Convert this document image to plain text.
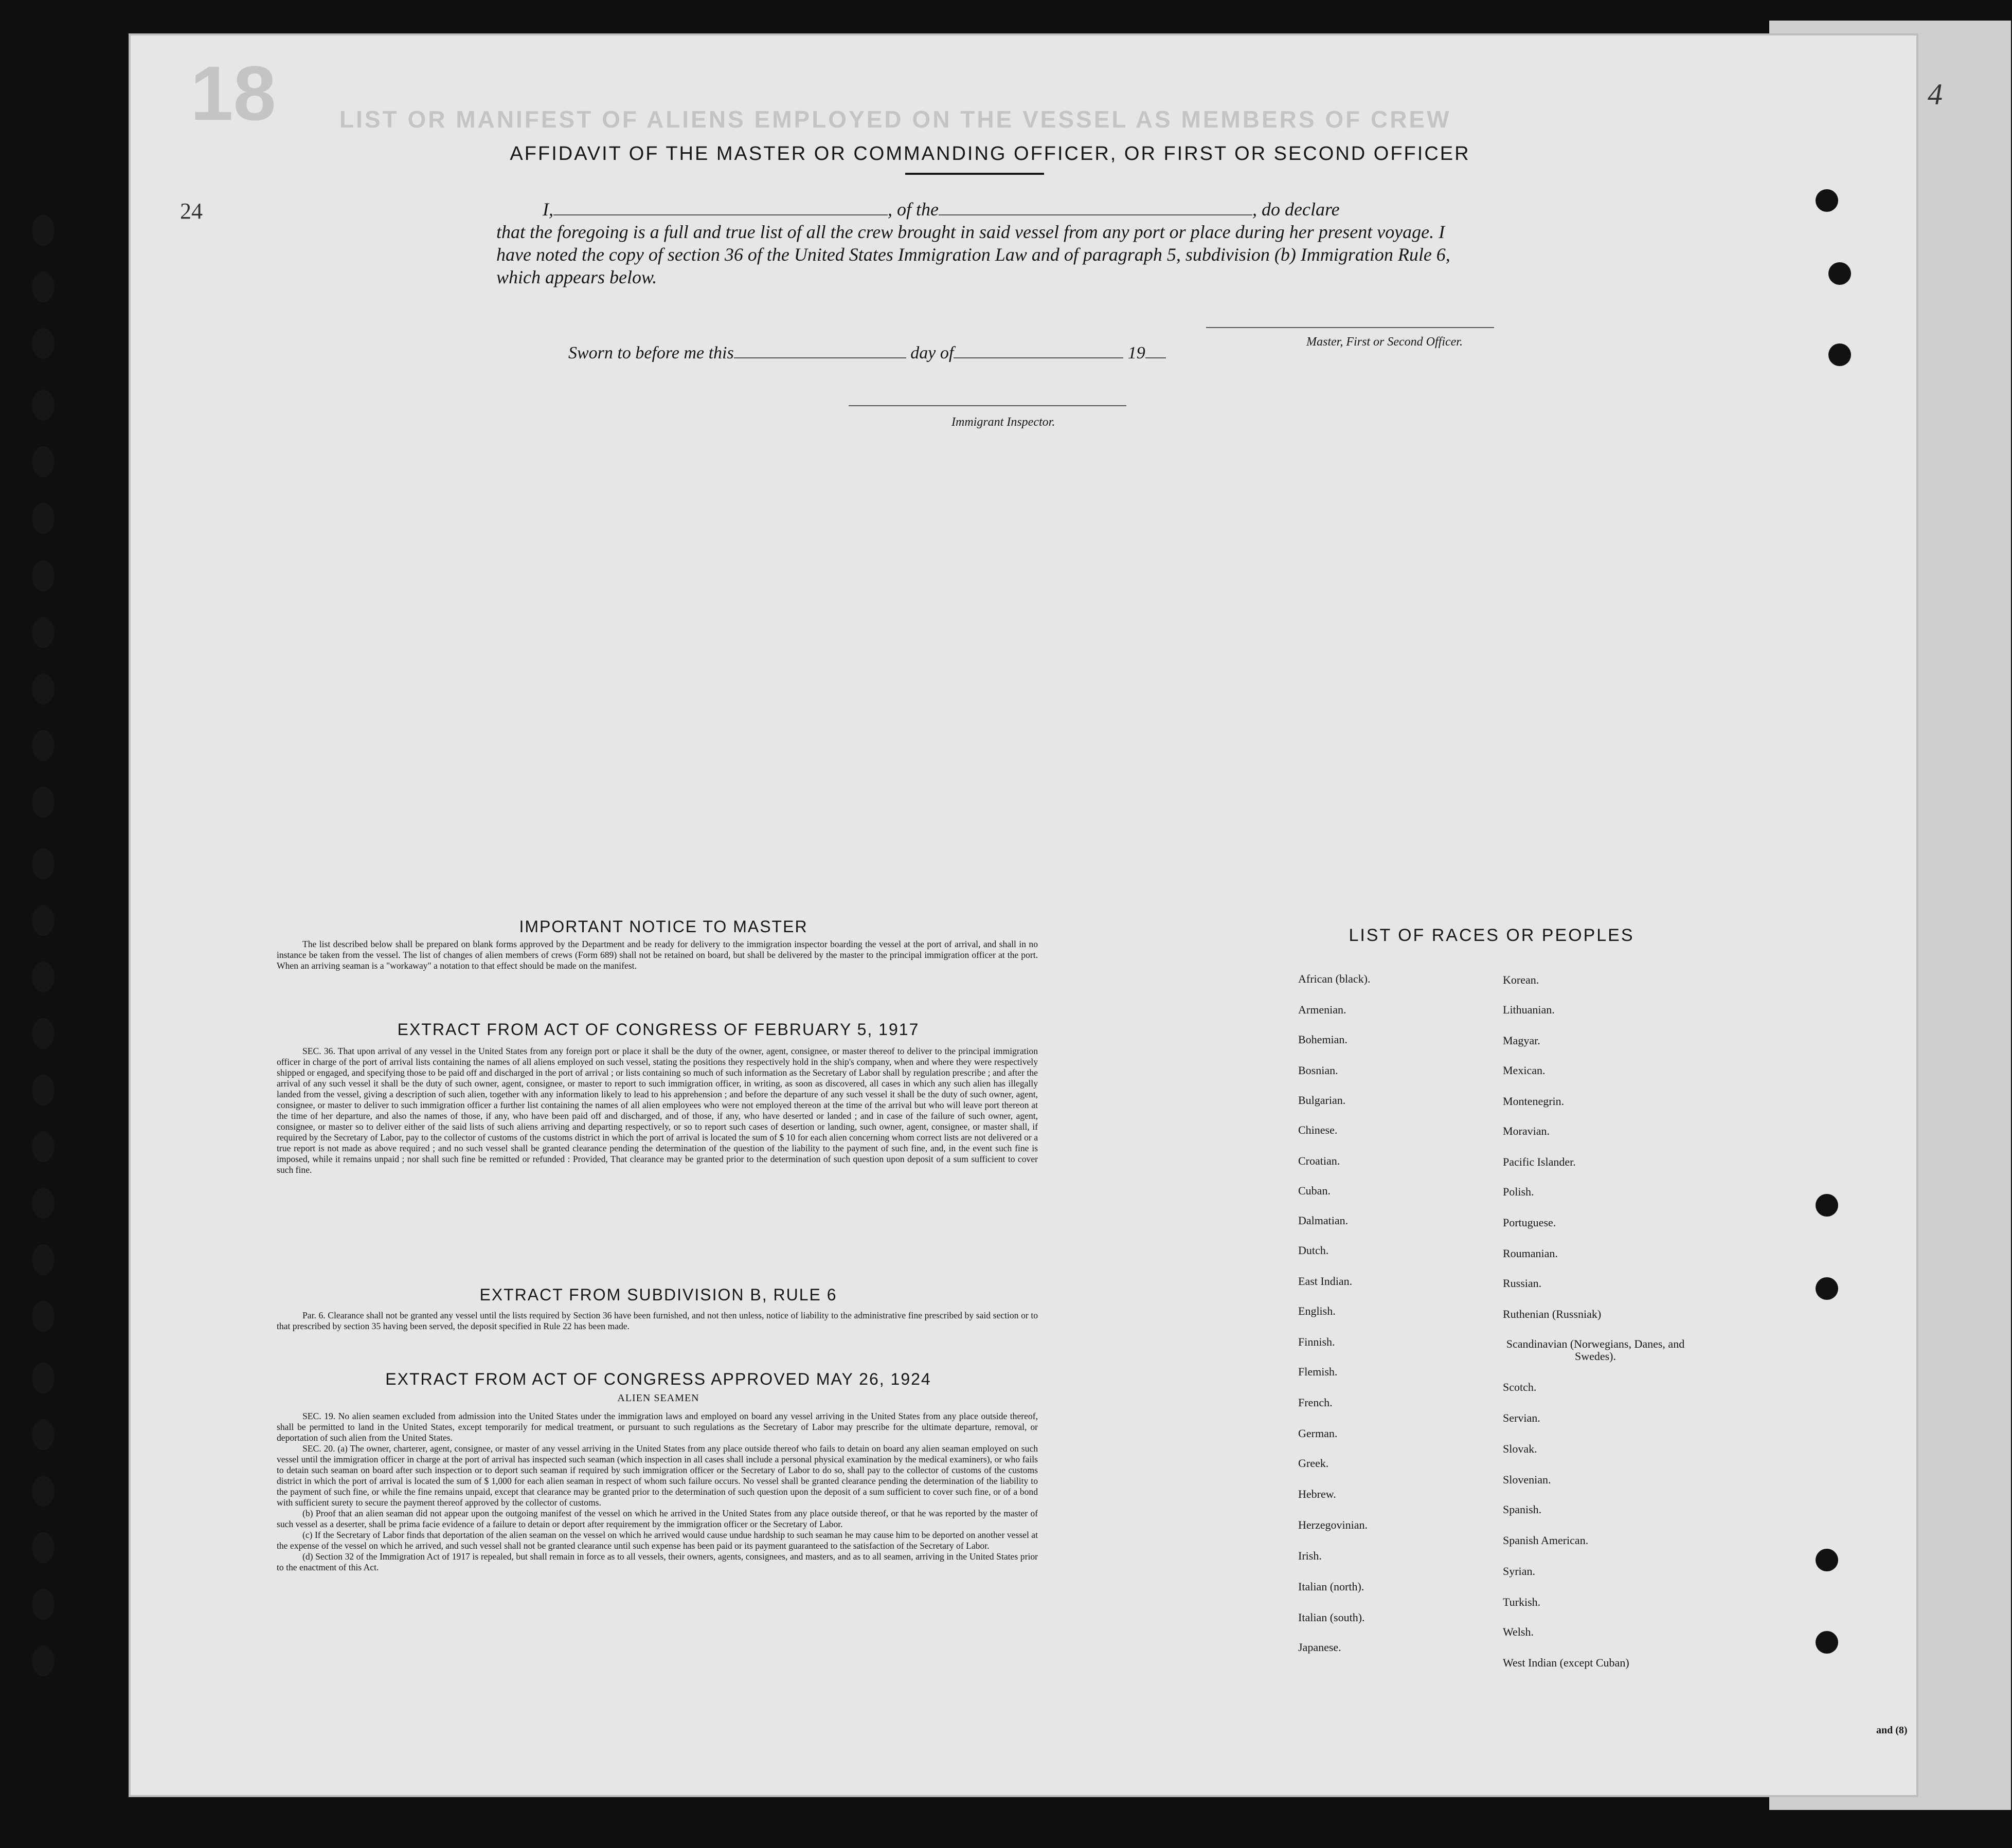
18	LIST OR MANIFEST OF ALIENS EMPLOYED ON THE VESSEL AS MEMBERS OF CREW
4
24
AFFIDAVIT OF THE MASTER OR COMMANDING OFFICER, OR FIRST OR SECOND OFFICER
I,	, of the	, do declare
that the foregoing is a full and true list of all the crew brought in said vessel from any port or place during her present voyage. I have noted the copy of section 36 of the United States Immigration Law and of paragraph 5, subdivision (b) Immigration Rule 6, which appears below.
Master, First or Second Officer.
Sworn to before me this	day of	19
Immigrant Inspector.
IMPORTANT NOTICE TO MASTER

The list described below shall be prepared on blank forms approved by the Department and be ready for delivery to the immigration inspector boarding the vessel at the port of arrival, and shall in no instance be taken from the vessel. The list of changes of alien members of crews (Form 689) shall not be retained on board, but shall be delivered by the master to the principal immigration officer at the port. When an arriving seaman is a "workaway" a notation to that effect should be made on the manifest.

EXTRACT FROM ACT OF CONGRESS OF FEBRUARY 5, 1917

SEC. 36. That upon arrival of any vessel in the United States from any foreign port or place it shall be the duty of the owner, agent, consignee, or master thereof to deliver to the principal immigration officer in charge of the port of arrival lists containing the names of all aliens employed on such vessel, stating the positions they respectively hold in the ship's company, when and where they were respectively shipped or engaged, and specifying those to be paid off and discharged in the port of arrival ; or lists containing so much of such information as the Secretary of Labor shall by regulation prescribe ; and after the arrival of any such vessel it shall be the duty of such owner, agent, consignee, or master to report to such immigration officer, in writing, as soon as discovered, all cases in which any such alien has illegally landed from the vessel, giving a description of such alien, together with any information likely to lead to his apprehension ; and before the departure of any such vessel it shall be the duty of such owner, agent, consignee, or master to deliver to such immigration officer a further list containing the names of all alien employees who were not employed thereon at the time of the arrival but who will leave port thereon at the time of her departure, and also the names of those, if any, who have been paid off and discharged, and of those, if any, who have deserted or landed ; and in case of the failure of such owner, agent, consignee, or master so to deliver either of the said lists of such aliens arriving and departing respectively, or so to report such cases of desertion or landing, such owner, agent, consignee, or master shall, if required by the Secretary of Labor, pay to the collector of customs of the customs district in which the port of arrival is located the sum of $ 10 for each alien concerning whom correct lists are not delivered or a true report is not made as above required ; and no such vessel shall be granted clearance pending the determination of the question of the liability to the payment of such fine, and, in the event such fine is imposed, while it remains unpaid ; nor shall such fine be remitted or refunded : Provided, That clearance may be granted prior to the determination of such question upon deposit of a sum sufficient to cover such fine.

EXTRACT FROM SUBDIVISION B, RULE 6

Par. 6. Clearance shall not be granted any vessel until the lists required by Section 36 have been furnished, and not then unless, notice of liability to the administrative fine prescribed by said section or to that prescribed by section 35 having been served, the deposit specified in Rule 22 has been made.

EXTRACT FROM ACT OF CONGRESS APPROVED MAY 26, 1924
ALIEN SEAMEN

SEC. 19. No alien seamen excluded from admission into the United States under the immigration laws and employed on board any vessel arriving in the United States from any place outside thereof, shall be permitted to land in the United States, except temporarily for medical treatment, or pursuant to such regulations as the Secretary of Labor may prescribe for the ultimate departure, removal, or deportation of such alien from the United States.

SEC. 20. (a) The owner, charterer, agent, consignee, or master of any vessel arriving in the United States from any place outside thereof who fails to detain on board any alien seaman employed on such vessel until the immigration officer in charge at the port of arrival has inspected such seaman (which inspection in all cases shall include a personal physical examination by the medical examiners), or who fails to detain such seaman on board after such inspection or to deport such seaman if required by such immigration officer or the Secretary of Labor to do so, shall pay to the collector of customs of the customs district in which the port of arrival is located the sum of $ 1,000 for each alien seaman in respect of whom such failure occurs. No vessel shall be granted clearance pending the determination of the liability to the payment of such fine, or while the fine remains unpaid, except that clearance may be granted prior to the determination of such question upon the deposit of a sum sufficient to cover such fine, or of a bond with sufficient surety to secure the payment thereof approved by the collector of customs.

(b) Proof that an alien seaman did not appear upon the outgoing manifest of the vessel on which he arrived in the United States from any place outside thereof, or that he was reported by the master of such vessel as a deserter, shall be prima facie evidence of a failure to detain or deport after requirement by the immigration officer or the Secretary of Labor.

(c) If the Secretary of Labor finds that deportation of the alien seaman on the vessel on which he arrived would cause undue hardship to such seaman he may cause him to be deported on another vessel at the expense of the vessel on which he arrived, and such vessel shall not be granted clearance until such expense has been paid or its payment guaranteed to the satisfaction of the Secretary of Labor.

(d) Section 32 of the Immigration Act of 1917 is repealed, but shall remain in force as to all vessels, their owners, agents, consignees, and masters, and as to all seamen, arriving in the United States prior to the enactment of this Act.

LIST OF RACES OR PEOPLES
African (black).
Armenian.
Bohemian.
Bosnian.
Bulgarian.
Chinese.
Croatian.
Cuban.
Dalmatian.
Dutch.
East Indian.
English.
Finnish.
Flemish.
French.
German.
Greek.
Hebrew.
Herzegovinian.
Irish.
Italian (north).
Italian (south).
Japanese.
Korean.
Lithuanian.
Magyar.
Mexican.
Montenegrin.
Moravian.
Pacific Islander.
Polish.
Portuguese.
Roumanian.
Russian.
Ruthenian (Russniak)
Scandinavian (Norwegians, Danes, and Swedes).
Scotch.
Servian.
Slovak.
Slovenian.
Spanish.
Spanish American.
Syrian.
Turkish.
Welsh.
West Indian (except Cuban)
and (8)
